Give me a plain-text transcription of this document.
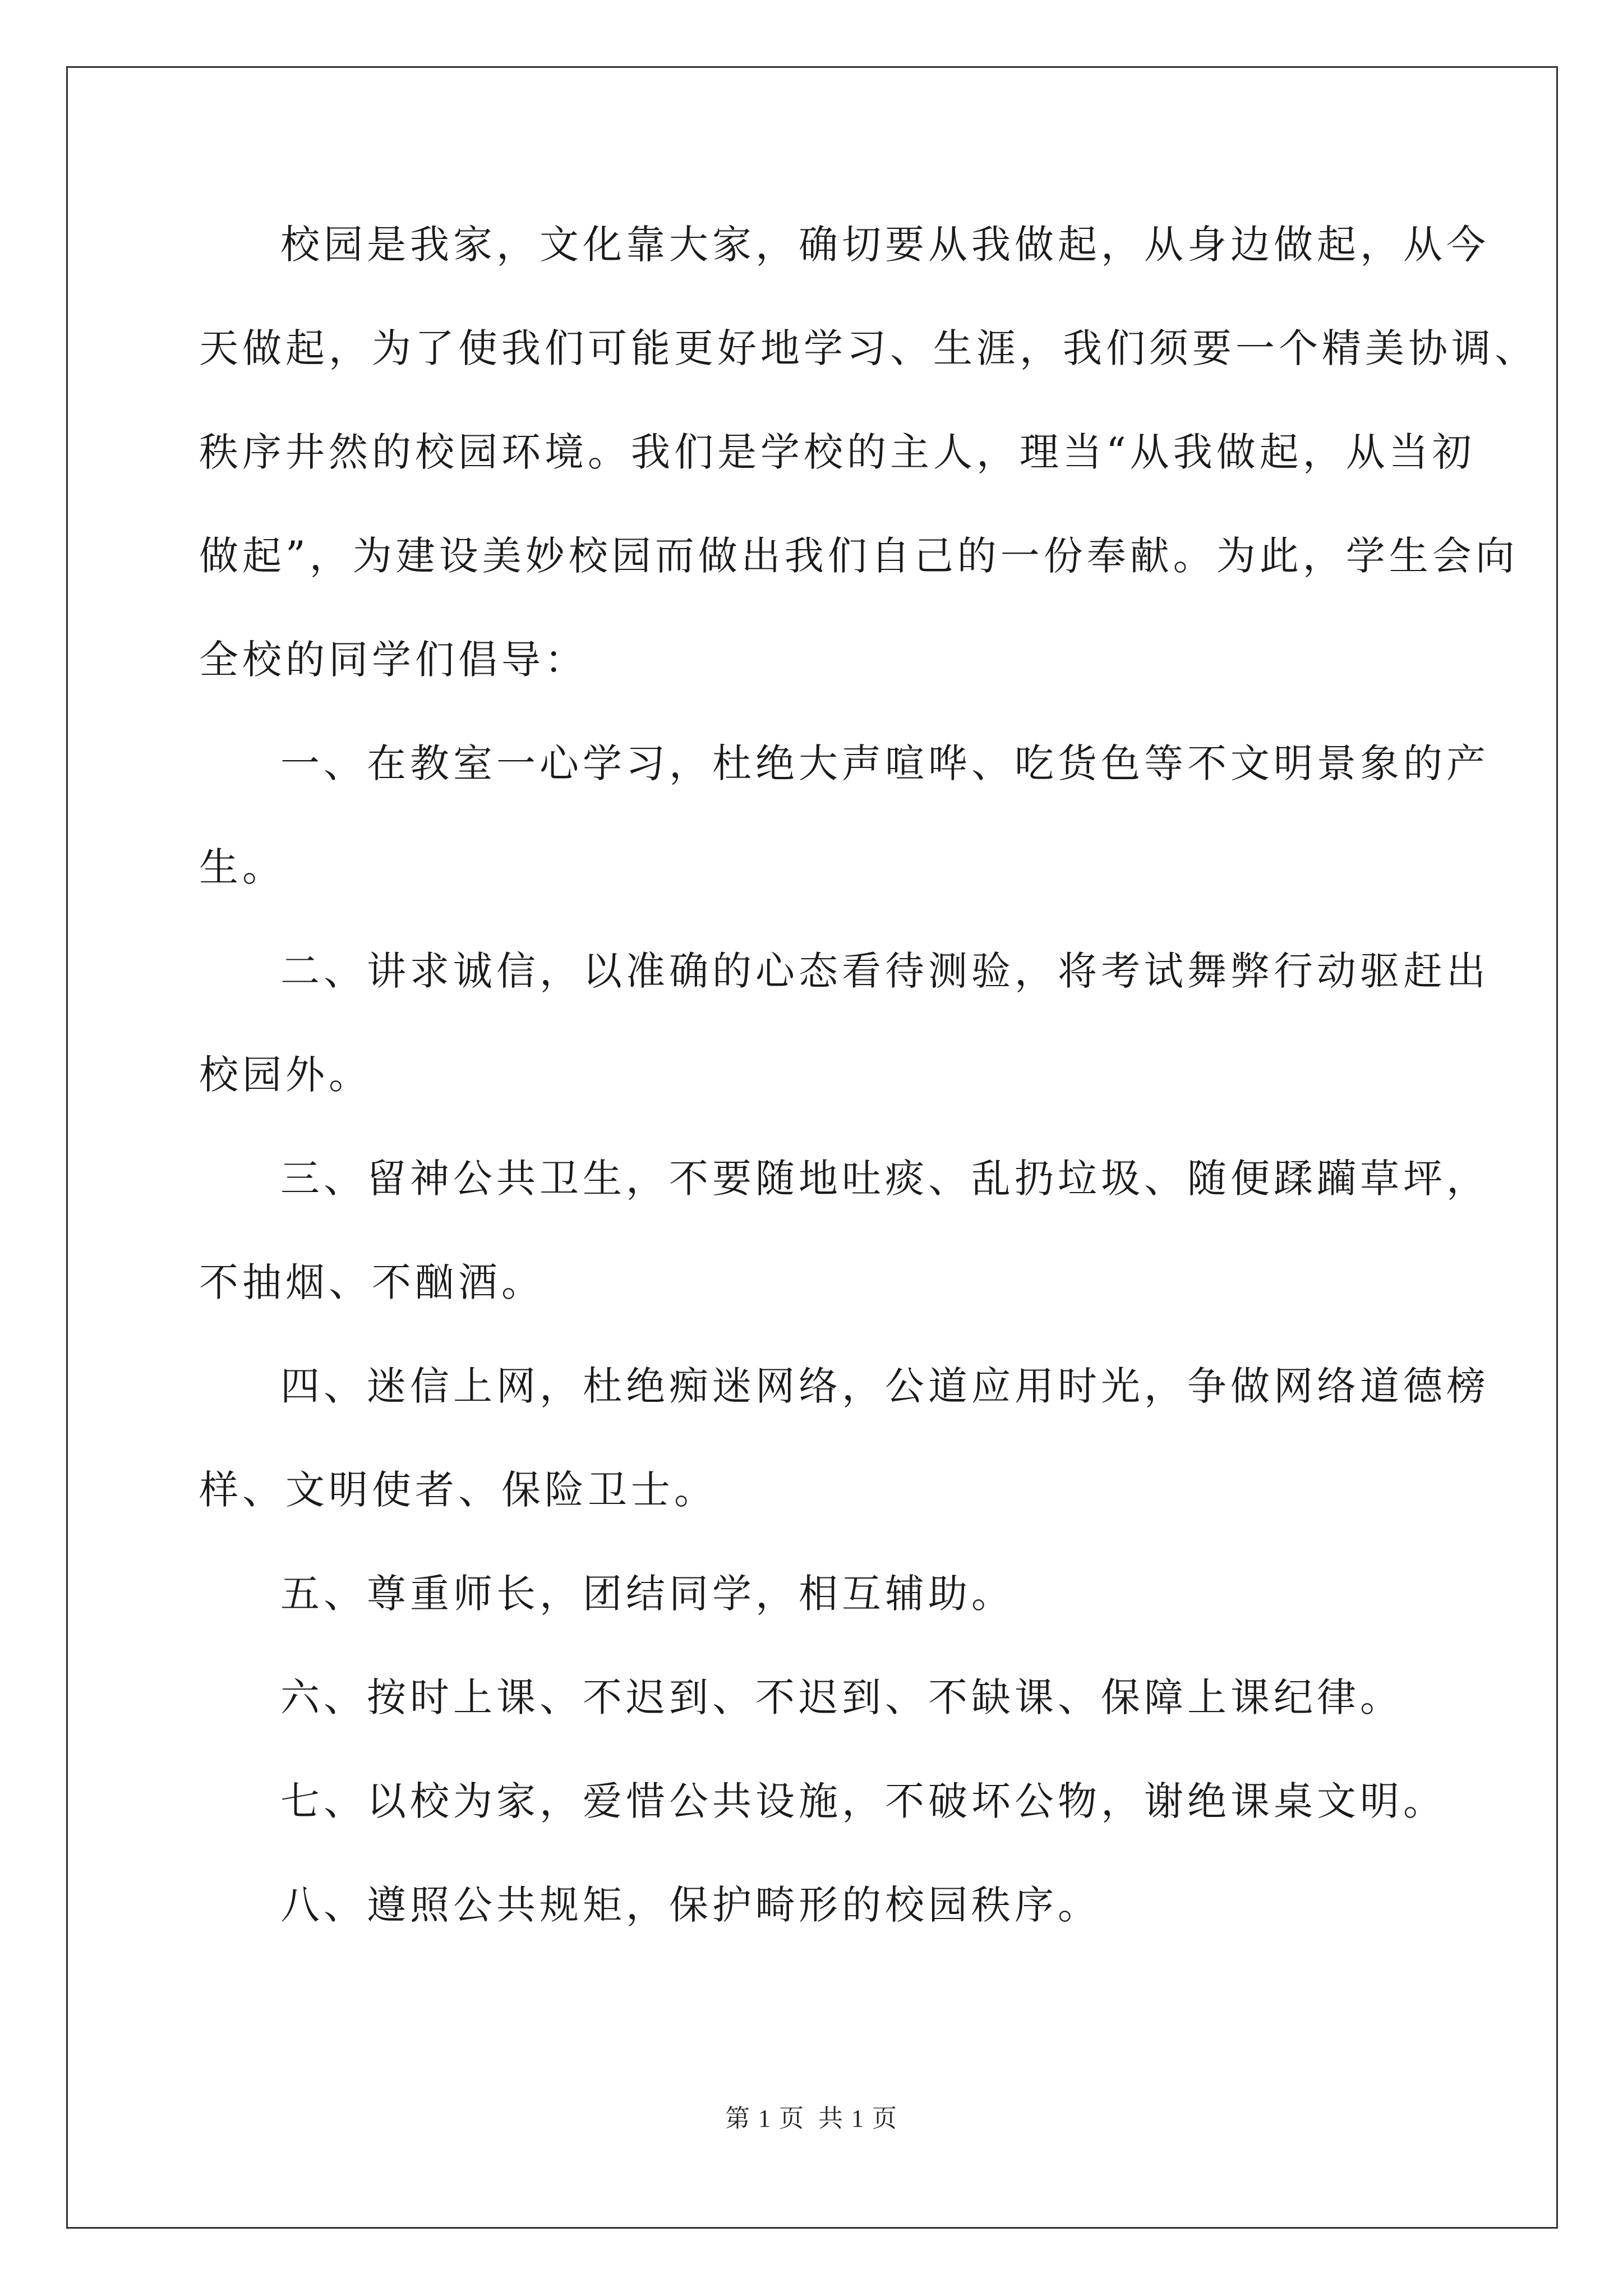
校园是我家，文化靠大家，确切要从我做起，从身边做起，从今
天做起，为了使我们可能更好地学习、生涯，我们须要一个精美协调、
秩序井然的校园环境。我们是学校的主人，理当“从我做起，从当初
做起”，为建设美妙校园而做出我们自己的一份奉献。为此，学生会向
全校的同学们倡导：
一、在教室一心学习，杜绝大声喧哗、吃货色等不文明景象的产
生。
二、讲求诚信，以准确的心态看待测验，将考试舞弊行动驱赶出
校园外。
三、留神公共卫生，不要随地吐痰、乱扔垃圾、随便蹂躏草坪，
不抽烟、不酗酒。
四、迷信上网，杜绝痴迷网络，公道应用时光，争做网络道德榜
样、文明使者、保险卫士。
五、尊重师长，团结同学，相互辅助。
六、按时上课、不迟到、不迟到、不缺课、保障上课纪律。
七、以校为家，爱惜公共设施，不破坏公物，谢绝课桌文明。
八、遵照公共规矩，保护畸形的校园秩序。
第 1 页 共 1 页
